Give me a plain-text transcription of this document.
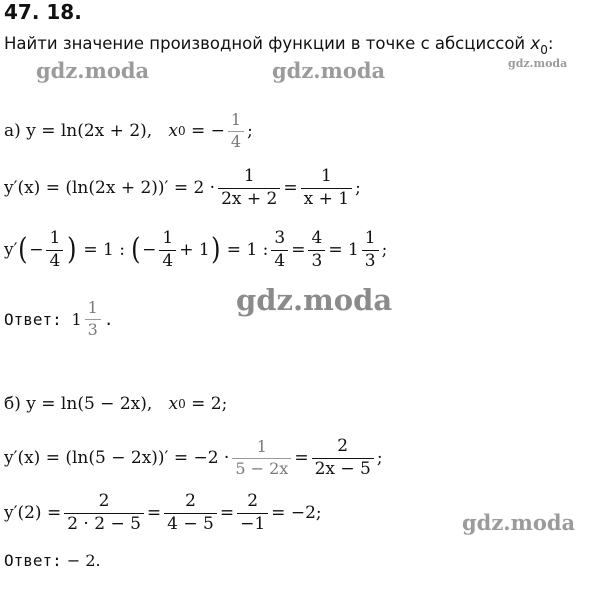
47. 18.
Найти значение производной функции в точке с абсциссой $x_0$:
gdz.moda	gdz.moda	gdz.moda
gdz.moda
gdz.moda
а)
y = ln(2x + 2),
x 0 = − $\frac{1}{4}$ ;
$y'(x) = (\ln(2x + 2))' = 2 \cdot \frac{1}{2x + 2} = \frac{1}{x + 1}$ ;
y′ ( − $\frac{1}{4}$ )
= 1 :
( − $\frac{1}{4} + 1$ )
= 1 : $\frac{3}{4} = \frac{4}{3} = 1 \frac{1}{3}$ ;
Ответ:
$1 \frac{1}{3}$ .
б)
y = ln(5 − 2x),
x 0 = 2;
$y'(x) = (\ln(5 - 2x))' = -2 \cdot \frac{1}{5 - 2x} = \frac{2}{2x - 5}$ ;
$y'(2) = \frac{2}{2 \cdot 2 - 5} = \frac{2}{4 - 5} = \frac{2}{-1} = -2$;
Ответ: − 2.
